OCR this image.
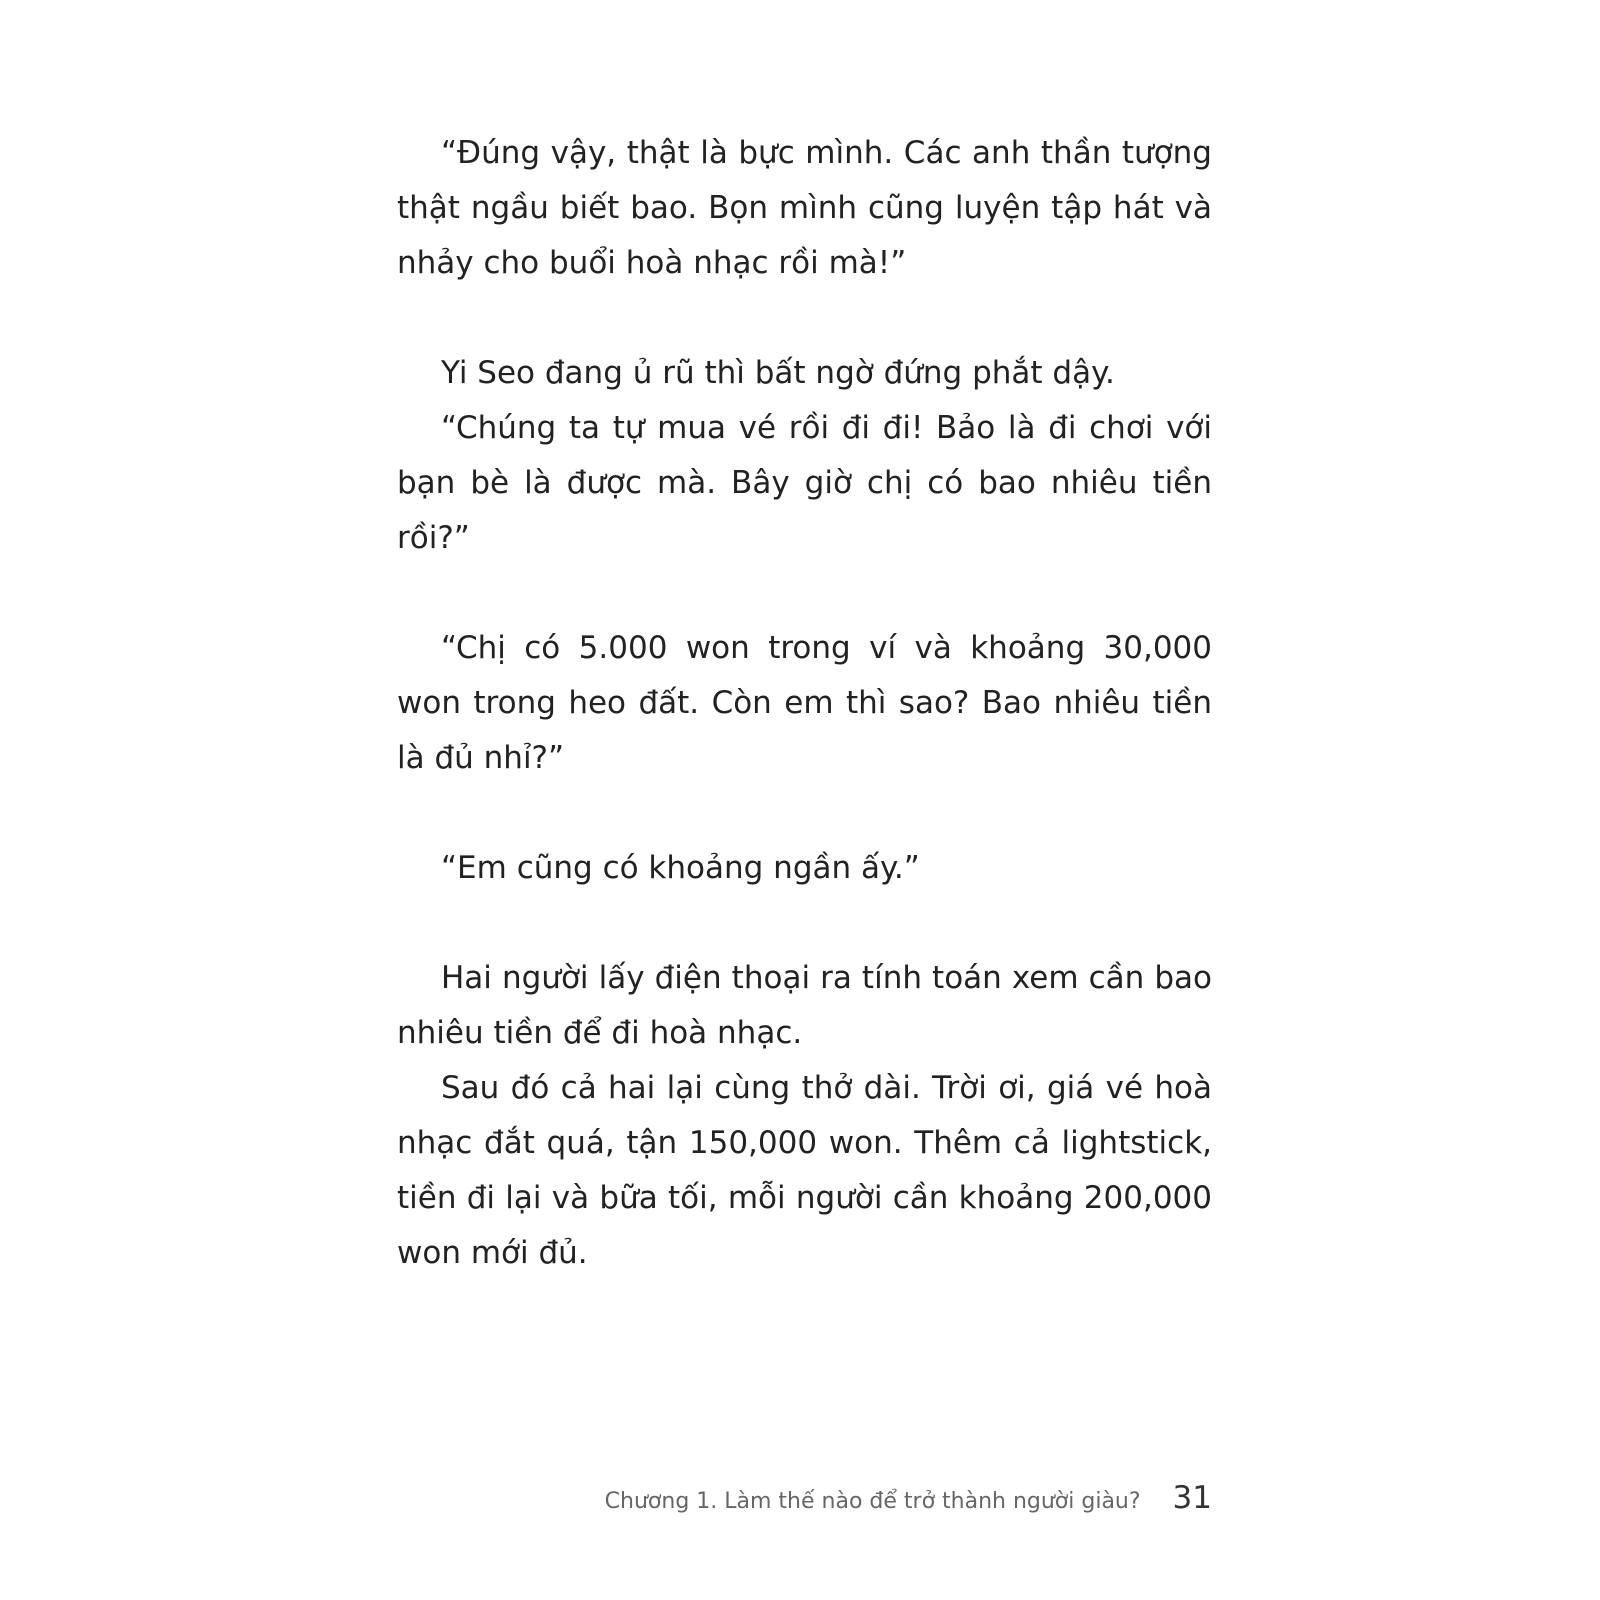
“Đúng vậy, thật là bực mình. Các anh thần tượng thật ngầu biết bao. Bọn mình cũng luyện tập hát và nhảy cho buổi hoà nhạc rồi mà!”

Yi Seo đang ủ rũ thì bất ngờ đứng phắt dậy.

“Chúng ta tự mua vé rồi đi đi! Bảo là đi chơi với bạn bè là được mà. Bây giờ chị có bao nhiêu tiền rồi?”

“Chị có 5.000 won trong ví và khoảng 30,000 won trong heo đất. Còn em thì sao? Bao nhiêu tiền là đủ nhỉ?”

“Em cũng có khoảng ngần ấy.”

Hai người lấy điện thoại ra tính toán xem cần bao nhiêu tiền để đi hoà nhạc.

Sau đó cả hai lại cùng thở dài. Trời ơi, giá vé hoà nhạc đắt quá, tận 150,000 won. Thêm cả lightstick, tiền đi lại và bữa tối, mỗi người cần khoảng 200,000 won mới đủ.

Chương 1. Làm thế nào để trở thành người giàu? 31
